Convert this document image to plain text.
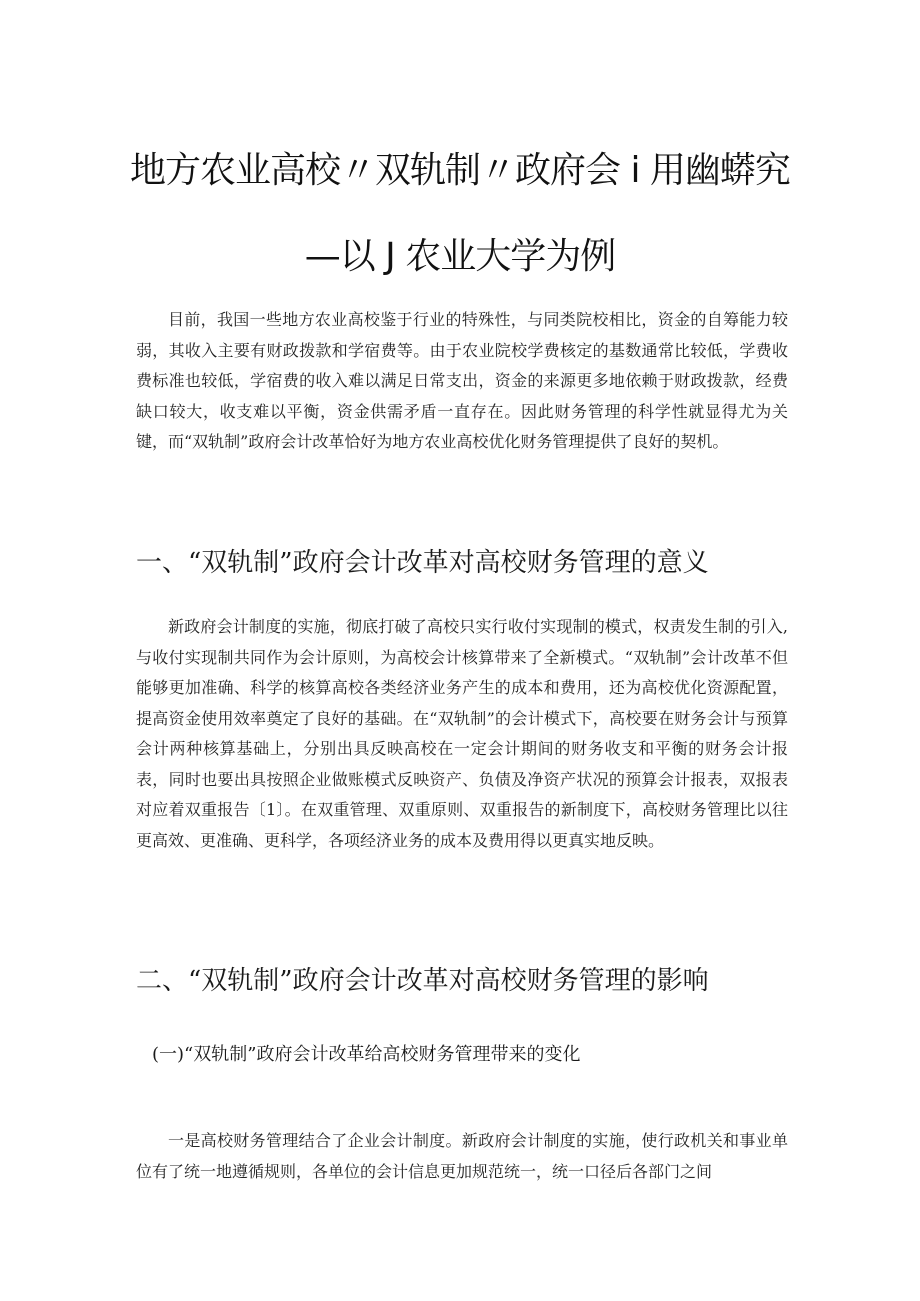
地方农业高校〃双轨制〃政府会 i 用幽蟒究
—以 J 农业大学为例

目前，我国一些地方农业高校鉴于行业的特殊性，与同类院校相比，资金的自筹能力较弱，其收入主要有财政拨款和学宿费等。由于农业院校学费核定的基数通常比较低，学费收费标准也较低，学宿费的收入难以满足日常支出，资金的来源更多地依赖于财政拨款，经费缺口较大，收支难以平衡，资金供需矛盾一直存在。因此财务管理的科学性就显得尤为关键，而“双轨制”政府会计改革恰好为地方农业高校优化财务管理提供了良好的契机。

一、“双轨制”政府会计改革对高校财务管理的意义

新政府会计制度的实施，彻底打破了高校只实行收付实现制的模式，权责发生制的引入,与收付实现制共同作为会计原则，为高校会计核算带来了全新模式。“双轨制”会计改革不但能够更加准确、科学的核算高校各类经济业务产生的成本和费用，还为高校优化资源配置，提高资金使用效率奠定了良好的基础。在“双轨制”的会计模式下，高校要在财务会计与预算会计两种核算基础上，分别出具反映高校在一定会计期间的财务收支和平衡的财务会计报表，同时也要出具按照企业做账模式反映资产、负债及净资产状况的预算会计报表，双报表对应着双重报告〔1〕。在双重管理、双重原则、双重报告的新制度下，高校财务管理比以往更高效、更准确、更科学，各项经济业务的成本及费用得以更真实地反映。

二、“双轨制”政府会计改革对高校财务管理的影响
(一)“双轨制”政府会计改革给高校财务管理带来的变化

一是高校财务管理结合了企业会计制度。新政府会计制度的实施，使行政机关和事业单位有了统一地遵循规则，各单位的会计信息更加规范统一，统一口径后各部门之间
